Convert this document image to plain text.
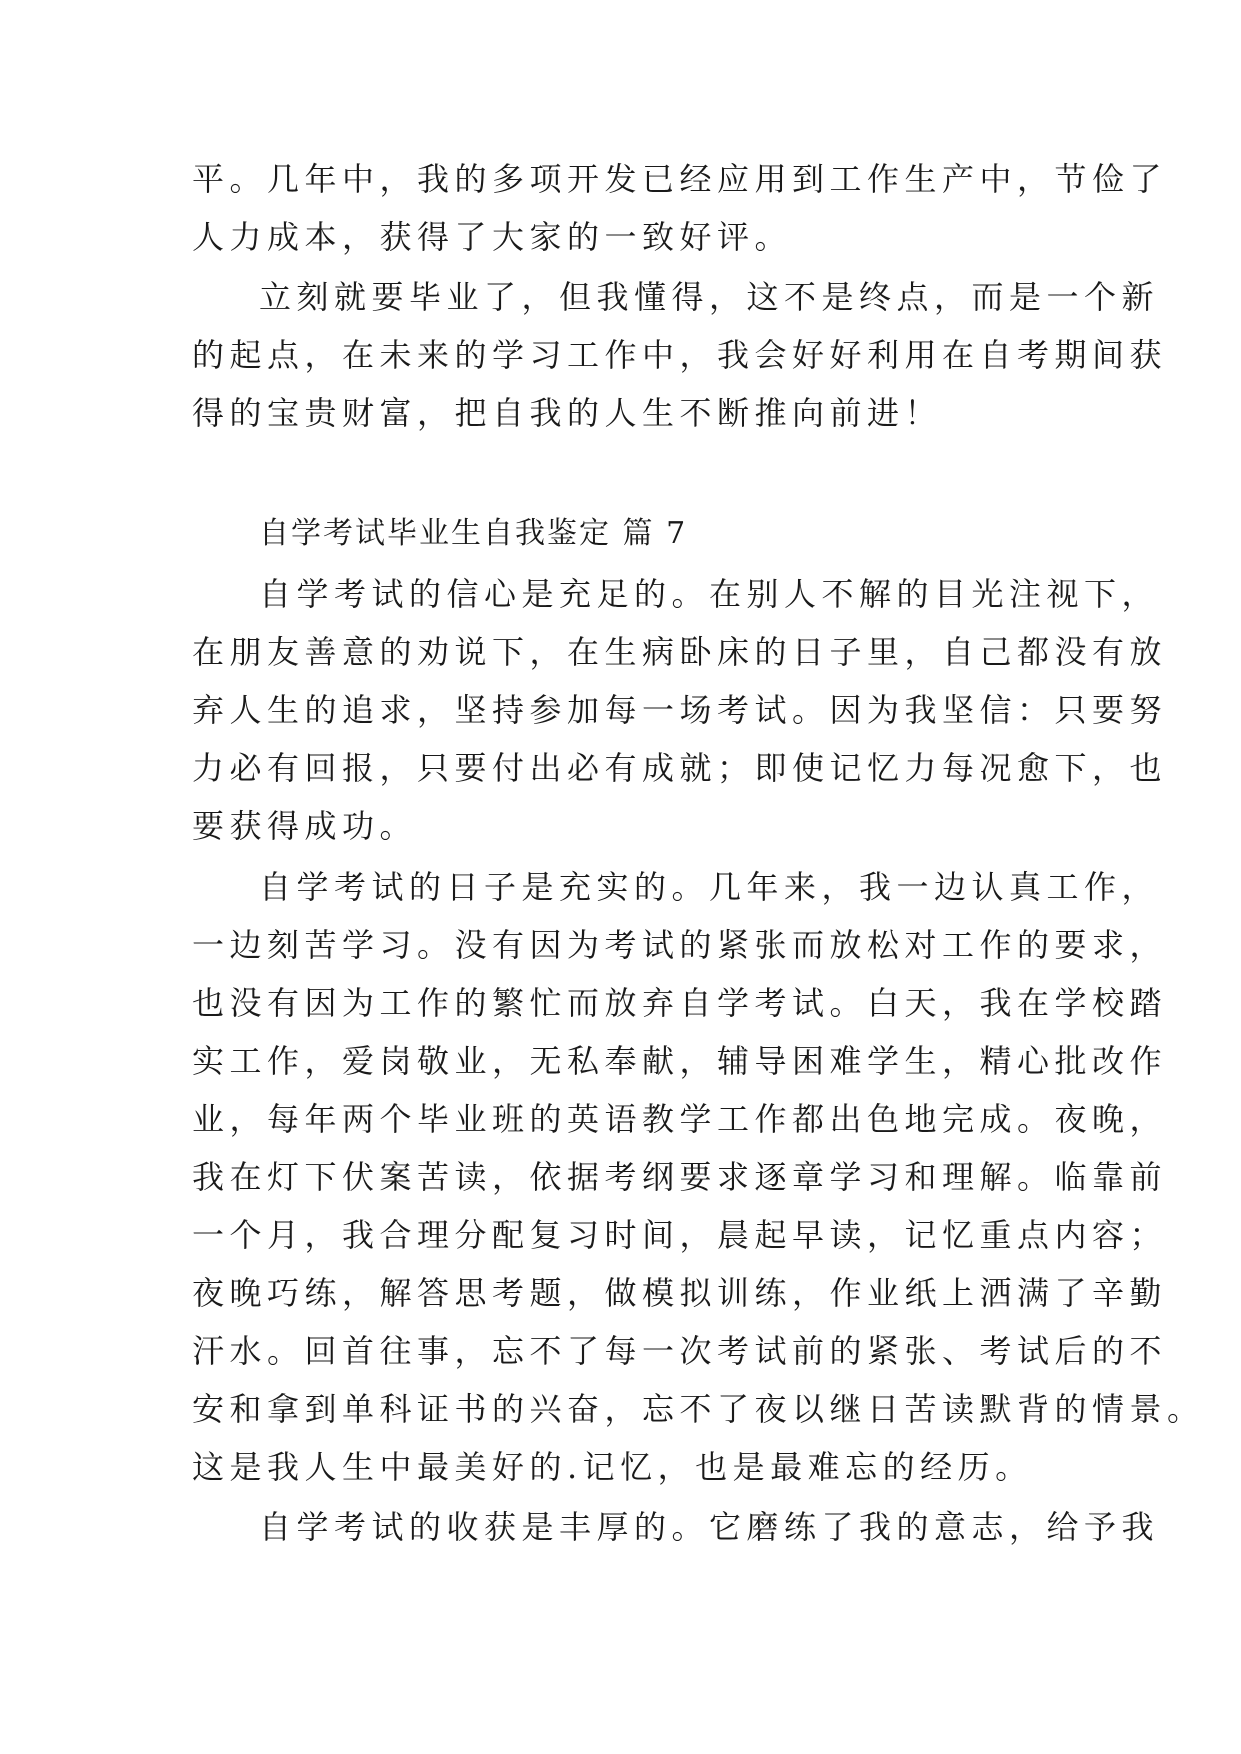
平。几年中，我的多项开发已经应用到工作生产中，节俭了
人力成本，获得了大家的一致好评。
立刻就要毕业了，但我懂得，这不是终点，而是一个新
的起点，在未来的学习工作中，我会好好利用在自考期间获
得的宝贵财富，把自我的人生不断推向前进！
自学考试毕业生自我鉴定 篇 7
自学考试的信心是充足的。在别人不解的目光注视下，
在朋友善意的劝说下，在生病卧床的日子里，自己都没有放
弃人生的追求，坚持参加每一场考试。因为我坚信：只要努
力必有回报，只要付出必有成就；即使记忆力每况愈下，也
要获得成功。
自学考试的日子是充实的。几年来，我一边认真工作，
一边刻苦学习。没有因为考试的紧张而放松对工作的要求，
也没有因为工作的繁忙而放弃自学考试。白天，我在学校踏
实工作，爱岗敬业，无私奉献，辅导困难学生，精心批改作
业，每年两个毕业班的英语教学工作都出色地完成。夜晚，
我在灯下伏案苦读，依据考纲要求逐章学习和理解。临靠前
一个月，我合理分配复习时间，晨起早读，记忆重点内容；
夜晚巧练，解答思考题，做模拟训练，作业纸上洒满了辛勤
汗水。回首往事，忘不了每一次考试前的紧张、考试后的不
安和拿到单科证书的兴奋，忘不了夜以继日苦读默背的情景。
这是我人生中最美好的.记忆，也是最难忘的经历。
自学考试的收获是丰厚的。它磨练了我的意志，给予我
